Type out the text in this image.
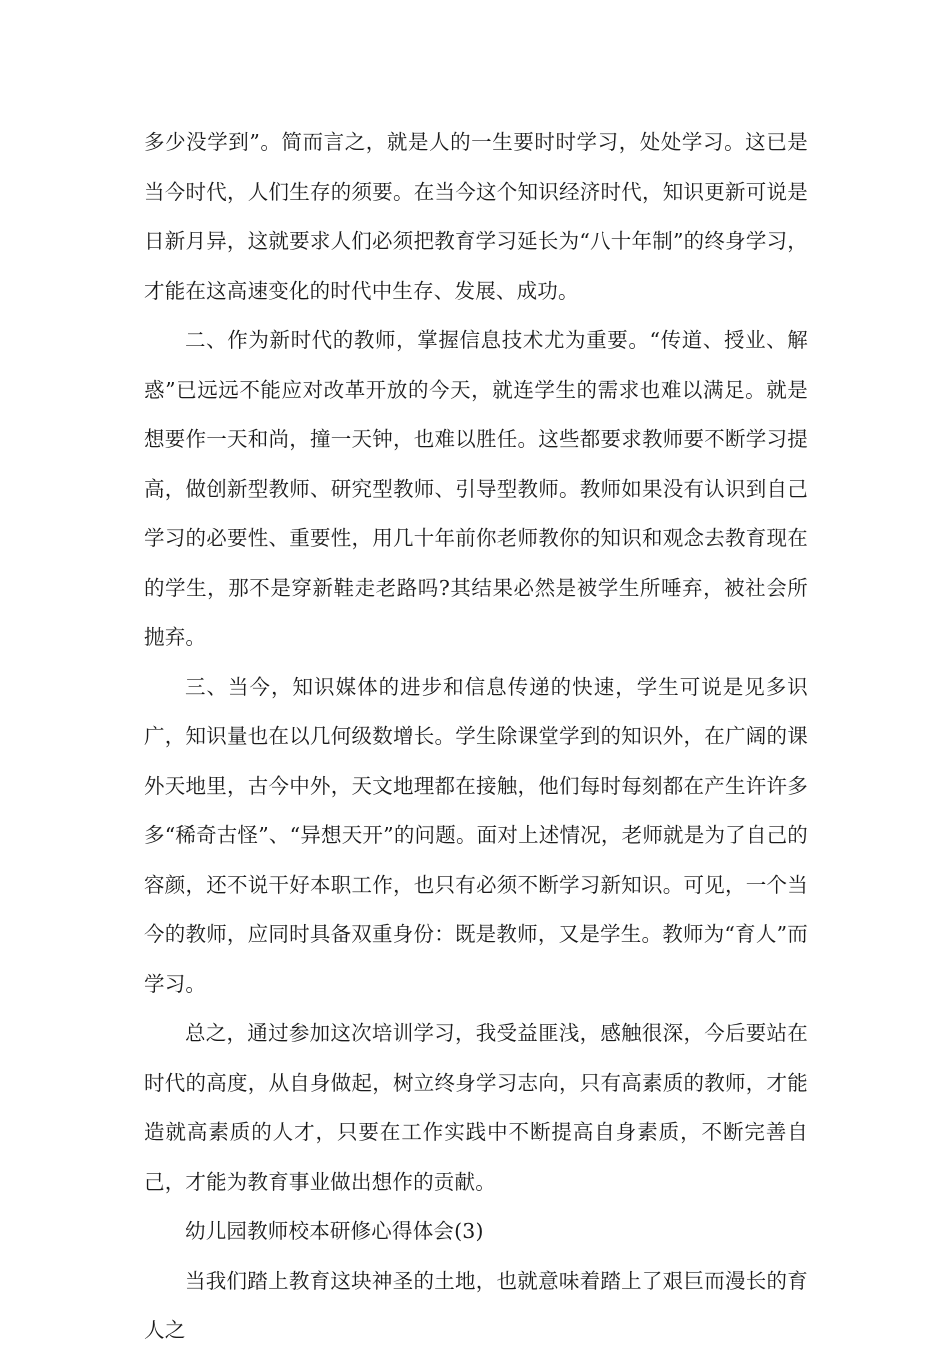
多少没学到”。简而言之，就是人的一生要时时学习，处处学习。这已是当今时代，人们生存的须要。在当今这个知识经济时代，知识更新可说是日新月异，这就要求人们必须把教育学习延长为“八十年制”的终身学习，才能在这高速变化的时代中生存、发展、成功。

二、作为新时代的教师，掌握信息技术尤为重要。“传道、授业、解惑”已远远不能应对改革开放的今天，就连学生的需求也难以满足。就是想要作一天和尚，撞一天钟，也难以胜任。这些都要求教师要不断学习提高，做创新型教师、研究型教师、引导型教师。教师如果没有认识到自己学习的必要性、重要性，用几十年前你老师教你的知识和观念去教育现在的学生，那不是穿新鞋走老路吗?其结果必然是被学生所唾弃，被社会所抛弃。

三、当今，知识媒体的进步和信息传递的快速，学生可说是见多识广，知识量也在以几何级数增长。学生除课堂学到的知识外，在广阔的课外天地里，古今中外，天文地理都在接触，他们每时每刻都在产生许许多多“稀奇古怪”、“异想天开”的问题。面对上述情况，老师就是为了自己的容颜，还不说干好本职工作，也只有必须不断学习新知识。可见，一个当今的教师，应同时具备双重身份：既是教师，又是学生。教师为“育人”而学习。

总之，通过参加这次培训学习，我受益匪浅，感触很深，今后要站在时代的高度，从自身做起，树立终身学习志向，只有高素质的教师，才能造就高素质的人才，只要在工作实践中不断提高自身素质，不断完善自己，才能为教育事业做出想作的贡献。

幼儿园教师校本研修心得体会(3)

当我们踏上教育这块神圣的土地，也就意味着踏上了艰巨而漫长的育人之
